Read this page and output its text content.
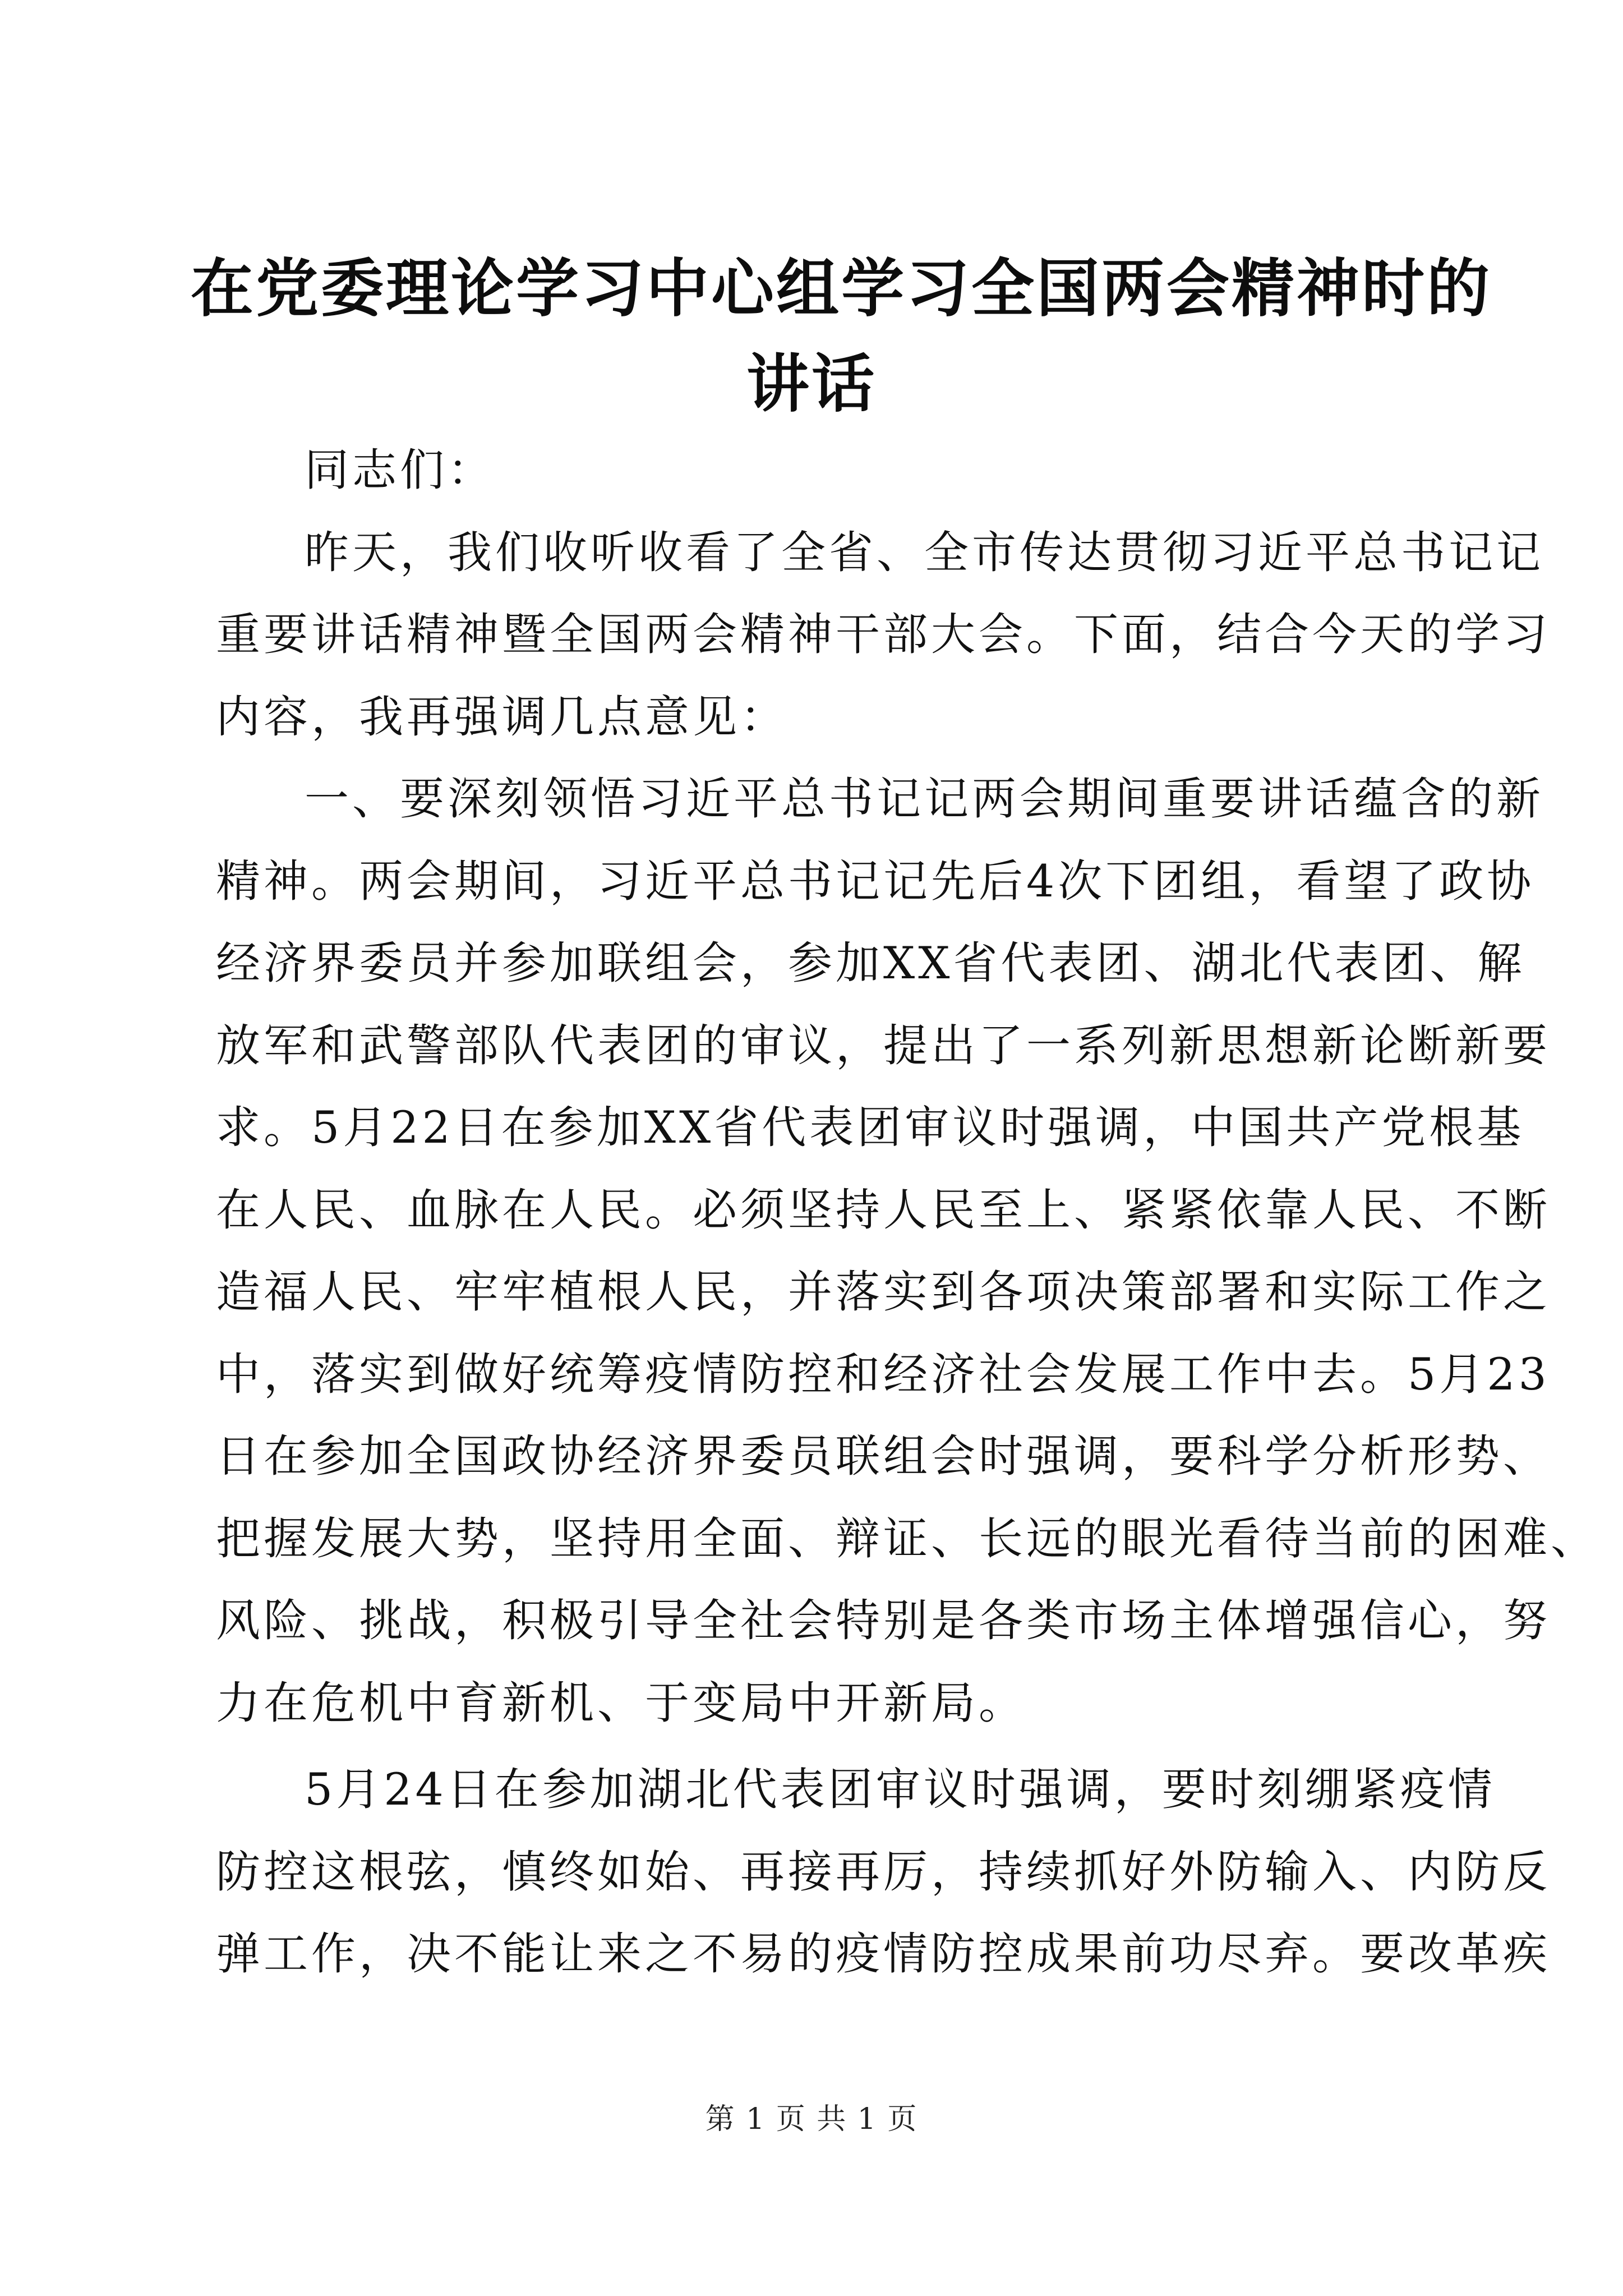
在党委理论学习中心组学习全国两会精神时的
讲话
同志们：
昨天，我们收听收看了全省、全市传达贯彻习近平总书记记
重要讲话精神暨全国两会精神干部大会。下面，结合今天的学习
内容，我再强调几点意见：
一、要深刻领悟习近平总书记记两会期间重要讲话蕴含的新
精神。两会期间，习近平总书记记先后4次下团组，看望了政协
经济界委员并参加联组会，参加XX省代表团、湖北代表团、解
放军和武警部队代表团的审议，提出了一系列新思想新论断新要
求。5月22日在参加XX省代表团审议时强调，中国共产党根基
在人民、血脉在人民。必须坚持人民至上、紧紧依靠人民、不断
造福人民、牢牢植根人民，并落实到各项决策部署和实际工作之
中，落实到做好统筹疫情防控和经济社会发展工作中去。5月23
日在参加全国政协经济界委员联组会时强调，要科学分析形势、
把握发展大势，坚持用全面、辩证、长远的眼光看待当前的困难、
风险、挑战，积极引导全社会特别是各类市场主体增强信心，努
力在危机中育新机、于变局中开新局。
5月24日在参加湖北代表团审议时强调，要时刻绷紧疫情
防控这根弦，慎终如始、再接再厉，持续抓好外防输入、内防反
弹工作，决不能让来之不易的疫情防控成果前功尽弃。要改革疾
第 1 页 共 1 页
